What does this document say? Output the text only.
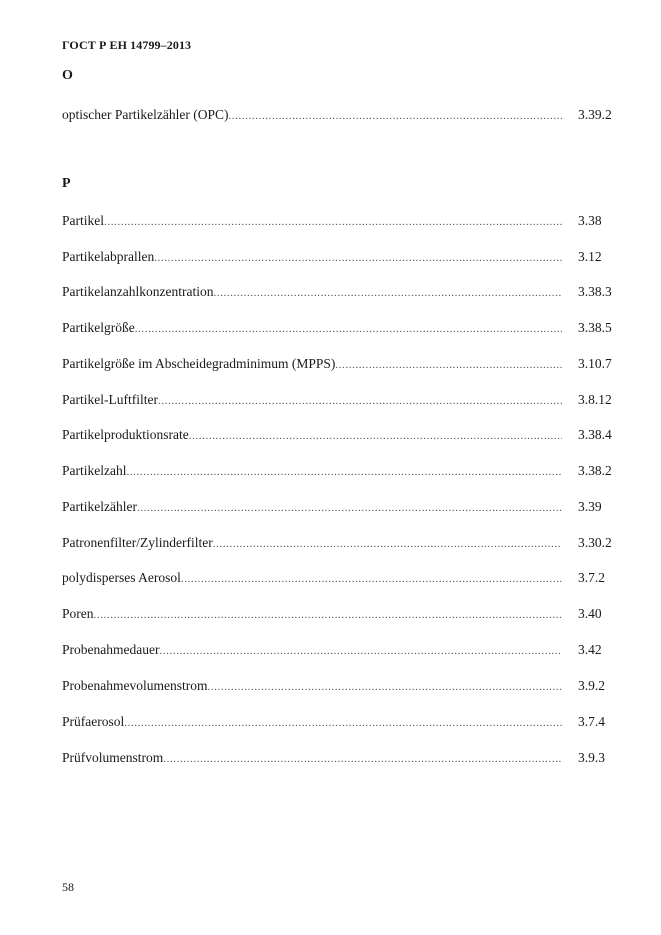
ГОСТ Р ЕН 14799–2013
O
optischer Partikelzähler (OPC) .....	3.39.2
P
Partikel .....	3.38
Partikelabprallen .....	3.12
Partikelanzahlkonzentration .....	3.38.3
Partikelgröße .....	3.38.5
Partikelgröße im Abscheidegradminimum (MPPS) .....	3.10.7
Partikel-Luftfilter .....	3.8.12
Partikelproduktionsrate .....	3.38.4
Partikelzahl .....	3.38.2
Partikelzähler .....	3.39
Patronenfilter/Zylinderfilter .....	3.30.2
polydisperses Aerosol .....	3.7.2
Poren .....	3.40
Probenahmedauer .....	3.42
Probenahmevolumenstrom .....	3.9.2
Prüfaerosol .....	3.7.4
Prüfvolumenstrom .....	3.9.3
58
